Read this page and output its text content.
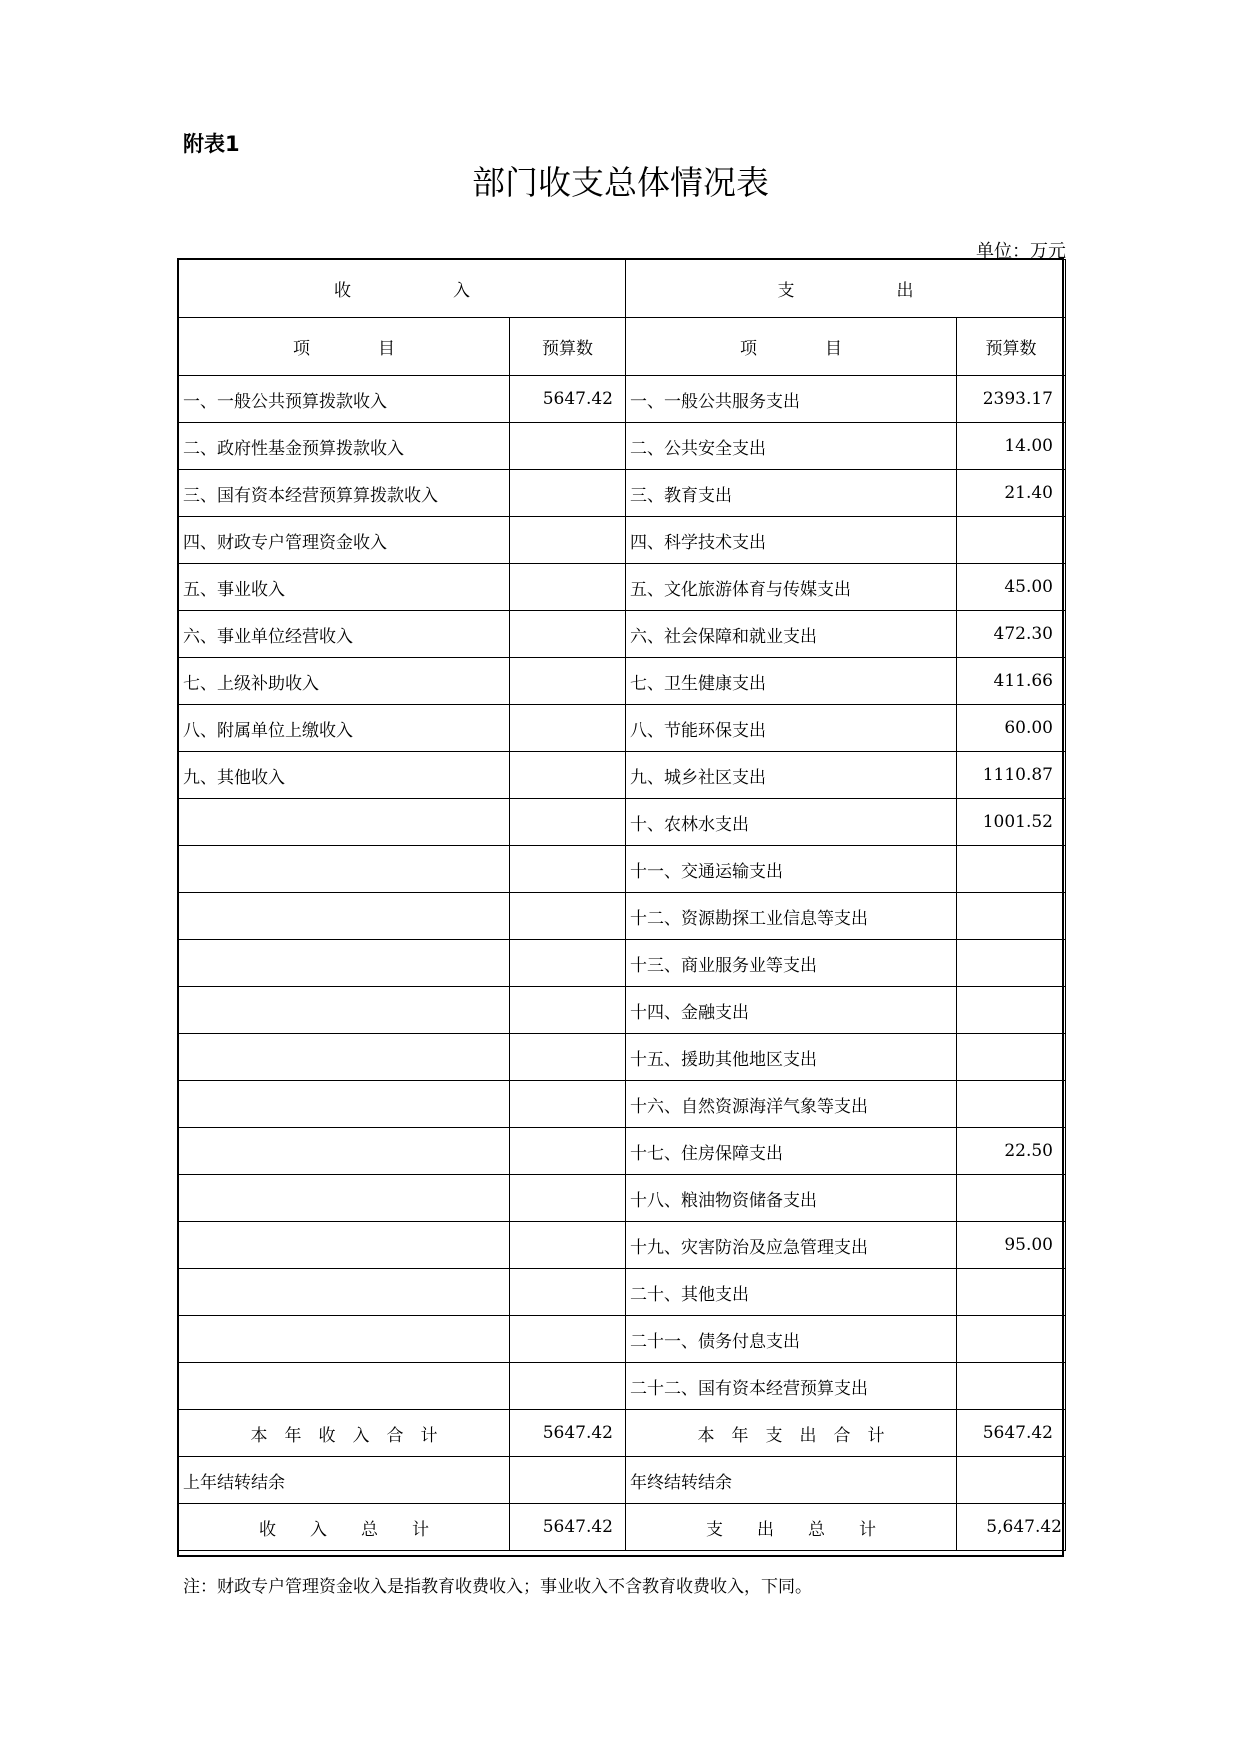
附表1
部门收支总体情况表
单位：万元
收　　　　　　入		支　　　　　　出	
项　　　　目	预算数	项　　　　目	预算数
一、一般公共预算拨款收入	5647.42	一、一般公共服务支出	2393.17
二、政府性基金预算拨款收入		二、公共安全支出	14.00
三、国有资本经营预算算拨款收入		三、教育支出	21.40
四、财政专户管理资金收入		四、科学技术支出	
五、事业收入		五、文化旅游体育与传媒支出	45.00
六、事业单位经营收入		六、社会保障和就业支出	472.30
七、上级补助收入		七、卫生健康支出	411.66
八、附属单位上缴收入		八、节能环保支出	60.00
九、其他收入		九、城乡社区支出	1110.87
		十、农林水支出	1001.52
		十一、交通运输支出	
		十二、资源勘探工业信息等支出	
		十三、商业服务业等支出	
		十四、金融支出	
		十五、援助其他地区支出	
		十六、自然资源海洋气象等支出	
		十七、住房保障支出	22.50
		十八、粮油物资储备支出	
		十九、灾害防治及应急管理支出	95.00
		二十、其他支出	
		二十一、债务付息支出	
		二十二、国有资本经营预算支出	
本　年　收　入　合　计	5647.42	本　年　支　出　合　计	5647.42
上年结转结余		年终结转结余	
收　　入　　总　　计	5647.42	支　　出　　总　　计	5,647.42
注：财政专户管理资金收入是指教育收费收入；事业收入不含教育收费收入，下同。
